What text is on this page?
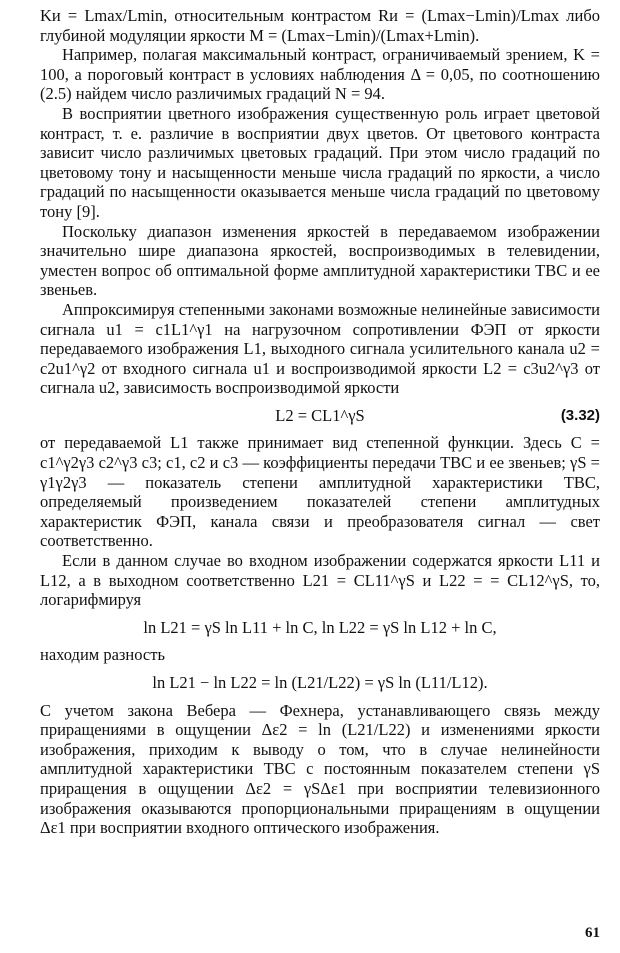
Kи = Lmax/Lmin, относительным контрастом Rи = (Lmax−Lmin)/Lmax либо глубиной модуляции яркости M = (Lmax−Lmin)/(Lmax+Lmin).

Например, полагая максимальный контраст, ограничиваемый зрением, K = 100, а пороговый контраст в условиях наблюдения Δ = 0,05, по соотношению (2.5) найдем число различимых градаций N = 94.

В восприятии цветного изображения существенную роль играет цветовой контраст, т. е. различие в восприятии двух цветов. От цветового контраста зависит число различимых цветовых градаций. При этом число градаций по цветовому тону и насыщенности меньше числа градаций по яркости, а число градаций по насыщенности оказывается меньше числа градаций по цветовому тону [9].

Поскольку диапазон изменения яркостей в передаваемом изображении значительно шире диапазона яркостей, воспроизводимых в телевидении, уместен вопрос об оптимальной форме амплитудной характеристики ТВС и ее звеньев.

Аппроксимируя степенными законами возможные нелинейные зависимости сигнала u1 = c1L1^γ1 на нагрузочном сопротивлении ФЭП от яркости передаваемого изображения L1, выходного сигнала усилительного канала u2 = c2u1^γ2 от входного сигнала u1 и воспроизводимой яркости L2 = c3u2^γ3 от сигнала u2, зависимость воспроизводимой яркости

L2 = CL1^γS	(3.32)

от передаваемой L1 также принимает вид степенной функции. Здесь C = c1^γ2γ3 c2^γ3 c3; c1, c2 и c3 — коэффициенты передачи ТВС и ее звеньев; γS = γ1γ2γ3 — показатель степени амплитудной характеристики ТВС, определяемый произведением показателей степени амплитудных характеристик ФЭП, канала связи и преобразователя сигнал — свет соответственно.

Если в данном случае во входном изображении содержатся яркости L11 и L12, а в выходном соответственно L21 = CL11^γS и L22 = = CL12^γS, то, логарифмируя

ln L21 = γS ln L11 + ln C, ln L22 = γS ln L12 + ln C,

находим разность

ln L21 − ln L22 = ln (L21/L22) = γS ln (L11/L12).

С учетом закона Вебера — Фехнера, устанавливающего связь между приращениями в ощущении Δε2 = ln (L21/L22) и изменениями яркости изображения, приходим к выводу о том, что в случае нелинейности амплитудной характеристики ТВС с постоянным показателем степени γS приращения в ощущении Δε2 = γSΔε1 при восприятии телевизионного изображения оказываются пропорциональными приращениям в ощущении Δε1 при восприятии входного оптического изображения.

61
